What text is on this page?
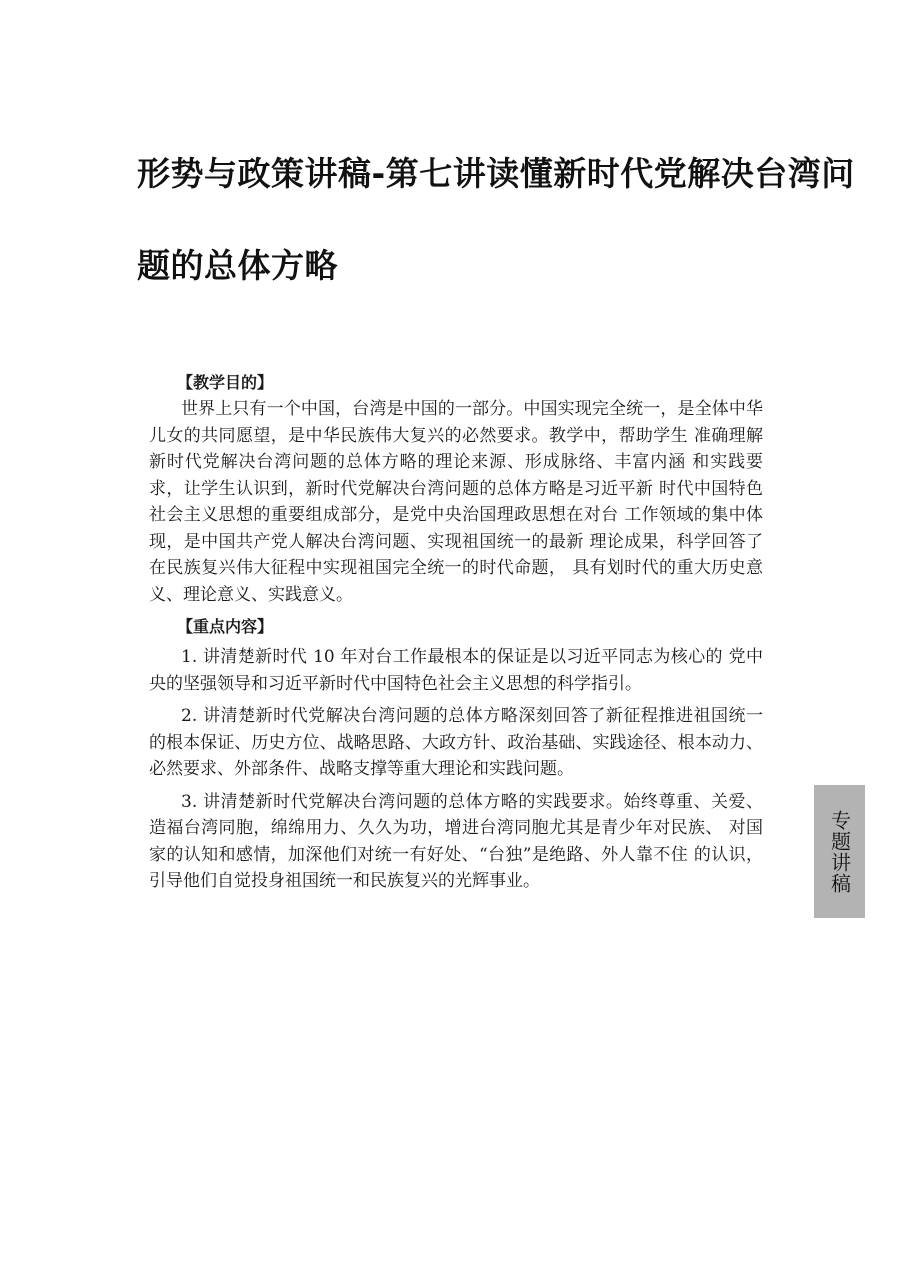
形势与政策讲稿-第七讲读懂新时代党解决台湾问题的总体方略
【教学目的】

世界上只有一个中国，台湾是中国的一部分。中国实现完全统一，是全体中华儿女的共同愿望，是中华民族伟大复兴的必然要求。教学中，帮助学生 准确理解新时代党解决台湾问题的总体方略的理论来源、形成脉络、丰富内涵 和实践要求，让学生认识到，新时代党解决台湾问题的总体方略是习近平新 时代中国特色社会主义思想的重要组成部分，是党中央治国理政思想在对台 工作领域的集中体现，是中国共产党人解决台湾问题、实现祖国统一的最新 理论成果，科学回答了在民族复兴伟大征程中实现祖国完全统一的时代命题， 具有划时代的重大历史意义、理论意义、实践意义。

【重点内容】
1. 讲清楚新时代 10 年对台工作最根本的保证是以习近平同志为核心的 党中央的坚强领导和习近平新时代中国特色社会主义思想的科学指引。
2. 讲清楚新时代党解决台湾问题的总体方略深刻回答了新征程推进祖国统一的根本保证、历史方位、战略思路、大政方针、政治基础、实践途径、根本动力、必然要求、外部条件、战略支撑等重大理论和实践问题。
3. 讲清楚新时代党解决台湾问题的总体方略的实践要求。始终尊重、关爱、造福台湾同胞，绵绵用力、久久为功，增进台湾同胞尤其是青少年对民族、 对国家的认知和感情，加深他们对统一有好处、“台独”是绝路、外人靠不住 的认识，引导他们自觉投身祖国统一和民族复兴的光辉事业。	专题讲稿
